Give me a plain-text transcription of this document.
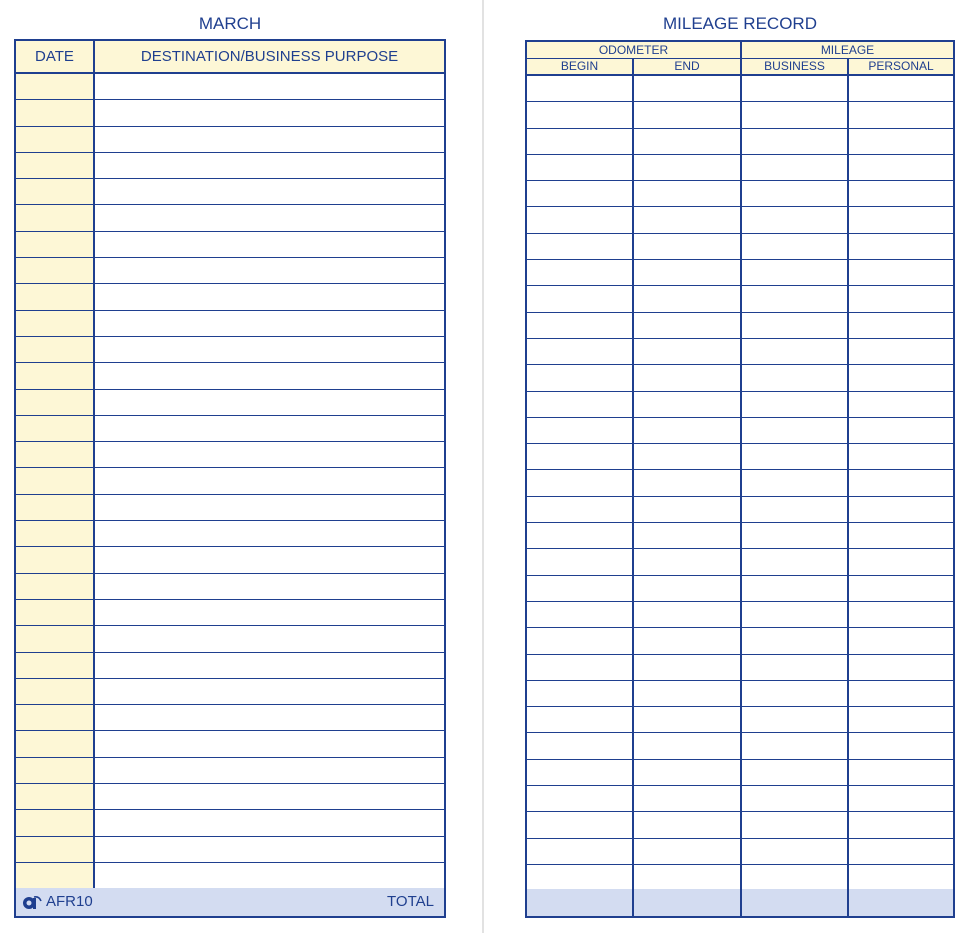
MARCH
DATE	DESTINATION/BUSINESS PURPOSE
AFR10	TOTAL
MILEAGE RECORD
ODOMETER	MILEAGE
BEGIN	END	BUSINESS	PERSONAL
